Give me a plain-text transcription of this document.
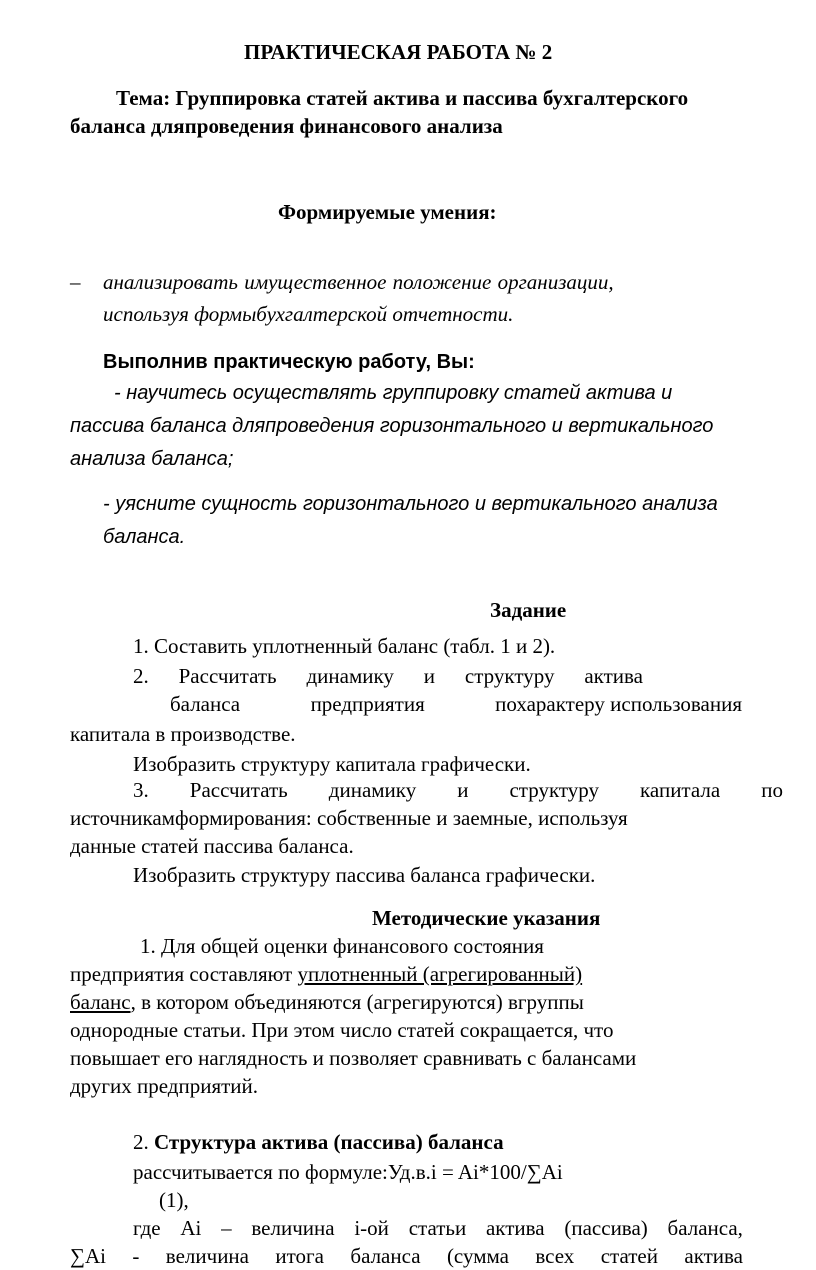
ПРАКТИЧЕСКАЯ РАБОТА № 2
Тема: Группировка статей актива и пассива бухгалтерского
баланса дляпроведения финансового анализа
Формируемые умения:
– анализировать имущественное положение организации,
используя формыбухгалтерской отчетности.
Выполнив практическую работу, Вы:
- научитесь осуществлять группировку статей актива и
пассива баланса дляпроведения горизонтального и вертикального
анализа баланса;
- уясните сущность горизонтального и вертикального анализа
баланса.
Задание
1. Составить уплотненный баланс (табл. 1 и 2).
2. Рассчитать динамику и структуру актива
баланса	предприятия	похарактеру использования
капитала в производстве.
Изобразить структуру капитала графически.
3. Рассчитать динамику и структуру капитала по
источникамформирования: собственные и заемные, используя
данные статей пассива баланса.
Изобразить структуру пассива баланса графически.
Методические указания
1. Для общей оценки финансового состояния
предприятия составляют уплотненный (агрегированный)
баланс, в котором объединяются (агрегируются) вгруппы
однородные статьи. При этом число статей сокращается, что
повышает его наглядность и позволяет сравнивать с балансами
других предприятий.
2. Структура актива (пассива) баланса
рассчитывается по формуле:Уд.в.i = Ai*100/∑Ai
(1),
где Ai – величина i-ой статьи актива (пассива) баланса,
∑Ai - величина итога баланса (сумма всех статей актива
